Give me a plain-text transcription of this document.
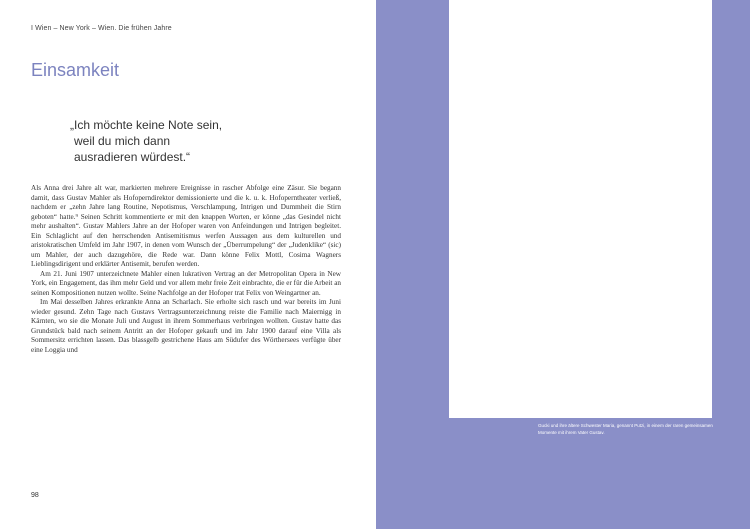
I Wien – New York – Wien. Die frühen Jahre
Einsamkeit
„Ich möchte keine Note sein,
weil du mich dann
ausradieren würdest.“

Als Anna drei Jahre alt war, markierten mehrere Ereignisse in rascher Abfolge eine Zäsur. Sie begann damit, dass Gustav Mahler als Hofoperndirektor demissionierte und die k. u. k. Hofoperntheater verließ, nachdem er „zehn Jahre lang Routine, Nepotismus, Verschlampung, Intrigen und Dummheit die Stirn geboten“ hatte.⁹ Seinen Schritt kommentierte er mit den knappen Worten, er könne „das Gesindel nicht mehr aushalten“. Gustav Mahlers Jahre an der Hofoper waren von Anfeindungen und Intrigen begleitet. Ein Schlaglicht auf den herrschenden Antisemitismus werfen Aussagen aus dem kulturellen und aristokratischen Umfeld im Jahr 1907, in denen vom Wunsch der „Überrumpelung“ der „Judenklike“ (sic) um Mahler, der auch dazugehöre, die Rede war. Dann könne Felix Mottl, Cosima Wagners Lieblingsdirigent und erklärter Antisemit, berufen werden.

Am 21. Juni 1907 unterzeichnete Mahler einen lukrativen Vertrag an der Metropolitan Opera in New York, ein Engagement, das ihm mehr Geld und vor allem mehr freie Zeit einbrachte, die er für die Arbeit an seinen Kompositionen nutzen wollte. Seine Nachfolge an der Hofoper trat Felix von Weingartner an.

Im Mai desselben Jahres erkrankte Anna an Scharlach. Sie erholte sich rasch und war bereits im Juni wieder gesund. Zehn Tage nach Gustavs Vertragsunterzeichnung reiste die Familie nach Maiernigg in Kärnten, wo sie die Monate Juli und August in ihrem Sommerhaus verbringen wollten. Gustav hatte das Grundstück bald nach seinem Antritt an der Hofoper gekauft und im Jahr 1900 darauf eine Villa als Sommersitz errichten lassen. Das blassgelb gestrichene Haus am Südufer des Wörthersees verfügte über eine Loggia und

98
Gucki und ihre ältere Schwester Maria, genannt Putzi, in einem der raren gemeinsamen Momente mit ihrem Vater Gustav.
